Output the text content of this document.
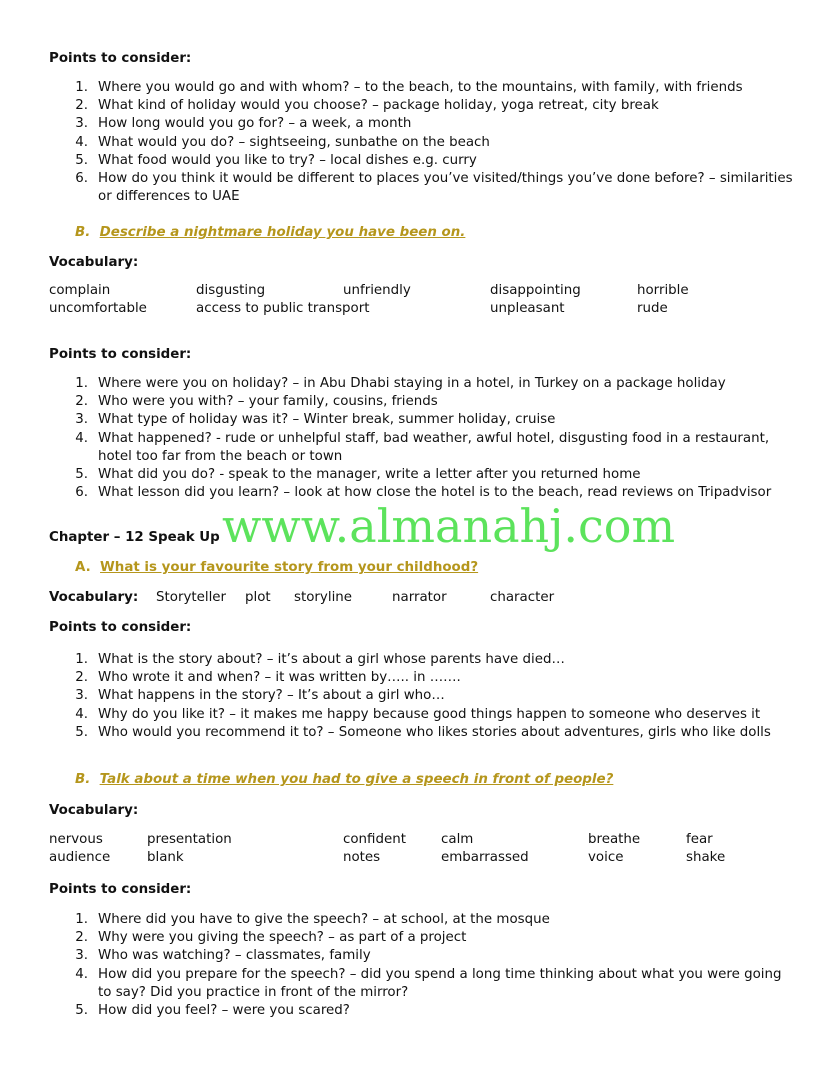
Points to consider:
1. Where you would go and with whom? – to the beach, to the mountains, with family, with friends
2. What kind of holiday would you choose? – package holiday, yoga retreat, city break
3. How long would you go for? – a week, a month
4. What would you do? – sightseeing, sunbathe on the beach
5. What food would you like to try? – local dishes e.g. curry
6. How do you think it would be different to places you’ve visited/things you’ve done before? – similarities
or differences to UAE
B. Describe a nightmare holiday you have been on.
Vocabulary:
complain	disgusting	unfriendly	disappointing	horrible
uncomfortable	access to public transport	unpleasant	rude
Points to consider:
1. Where were you on holiday? – in Abu Dhabi staying in a hotel, in Turkey on a package holiday
2. Who were you with? – your family, cousins, friends
3. What type of holiday was it? – Winter break, summer holiday, cruise
4. What happened? - rude or unhelpful staff, bad weather, awful hotel, disgusting food in a restaurant,
hotel too far from the beach or town
5. What did you do? - speak to the manager, write a letter after you returned home
6. What lesson did you learn? – look at how close the hotel is to the beach, read reviews on Tripadvisor
www.almanahj.com
Chapter – 12 Speak Up
A. What is your favourite story from your childhood?
Vocabulary: Storyteller plot storyline	narrator	character
Points to consider:
1. What is the story about? – it’s about a girl whose parents have died…
2. Who wrote it and when? – it was written by….. in …….
3. What happens in the story? – It’s about a girl who…
4. Why do you like it? – it makes me happy because good things happen to someone who deserves it
5. Who would you recommend it to? – Someone who likes stories about adventures, girls who like dolls
B. Talk about a time when you had to give a speech in front of people?
Vocabulary:
nervous	presentation	confident	calm	breathe	fear
audience	blank	notes	embarrassed	voice	shake
Points to consider:
1. Where did you have to give the speech? – at school, at the mosque
2. Why were you giving the speech? – as part of a project
3. Who was watching? – classmates, family
4. How did you prepare for the speech? – did you spend a long time thinking about what you were going
to say? Did you practice in front of the mirror?
5. How did you feel? – were you scared?
